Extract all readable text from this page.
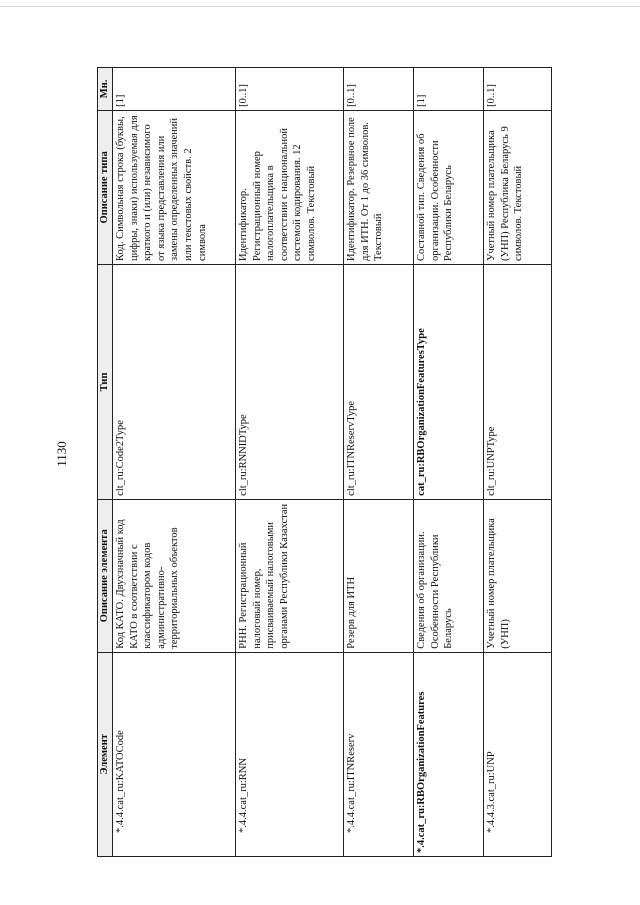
1130
Элемент	Описание элемента	Тип	Описание типа	Мн.

*.4.4.cat_ru:KATOCode	Код КАТО. Двухзначный код КАТО в соответствии с классификатором кодов административно-территориальных объектов	clt_ru:Code2Type	Код. Символьная строка (буквы, цифры, знаки) используемая для краткого и (или) независимого от языка представления или замены определенных значений или текстовых свойств. 2 символа	[1]

*.4.4.cat_ru:RNN	РНН. Регистрационный налоговый номер, присваиваемый налоговыми органами Республики Казахстан	clt_ru:RNNIDType	Идентификатор. Регистрационный номер налогоплательщика в соответствии с национальной системой кодирования. 12 символов. Текстовый	[0..1]

*.4.4.cat_ru:ITNReserv	Резерв для ИТН	clt_ru:ITNReservType	Идентификатор. Резервное поле для ИТН. От 1 до 36 символов. Текстовый	[0..1]

*.4.cat_ru:RBOrganizationFeatures	Сведения об организации. Особенности Республики Беларусь	cat_ru:RBOrganizationFeaturesType	Составной тип. Сведения об организации. Особенности Республики Беларусь	[1]

*.4.4.3.cat_ru:UNP	Учетный номер плательщика (УНП)	clt_ru:UNPType	Учетный номер плательщика (УНП) Республика Беларусь 9 символов. Текстовый	[0..1]
